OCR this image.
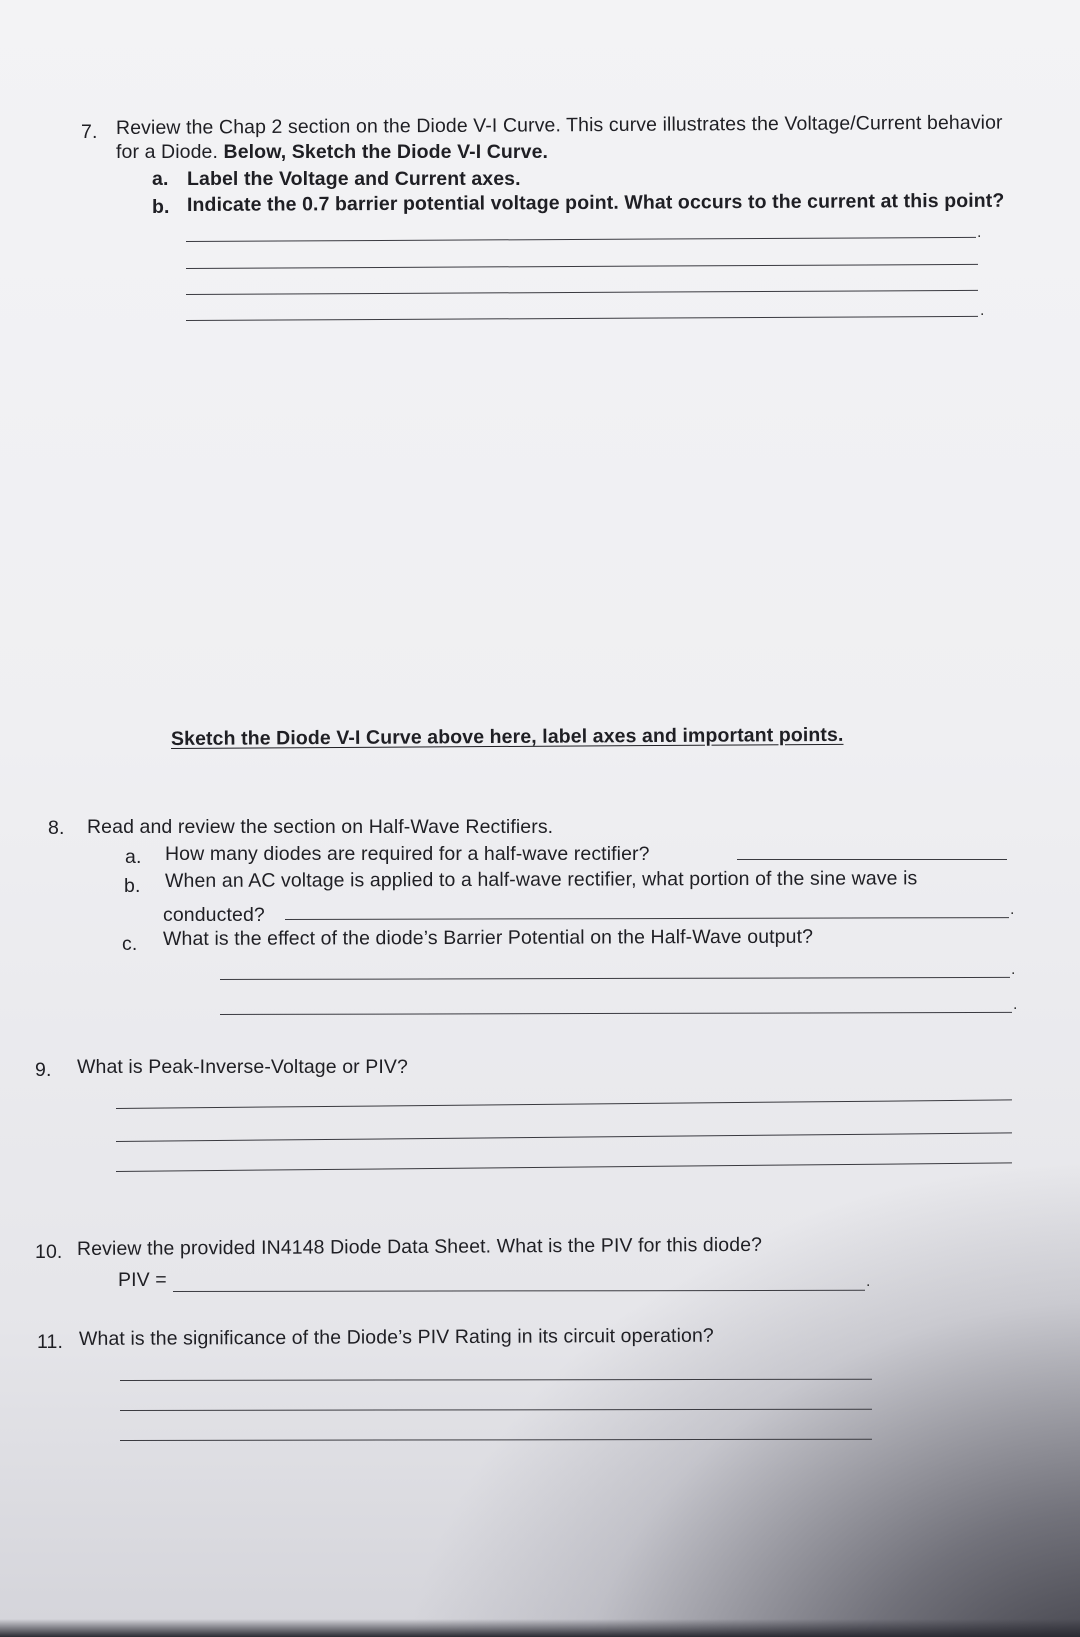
7. Review the Chap 2 section on the Diode V-I Curve. This curve illustrates the Voltage/Current behavior
for a Diode. Below, Sketch the Diode V-I Curve.
a. Label the Voltage and Current axes.
b. Indicate the 0.7 barrier potential voltage point. What occurs to the current at this point?
.
.
Sketch the Diode V-I Curve above here, label axes and important points.
8. Read and review the section on Half-Wave Rectifiers.
a. How many diodes are required for a half-wave rectifier?
b. When an AC voltage is applied to a half-wave rectifier, what portion of the sine wave is
conducted?	.
c. What is the effect of the diode’s Barrier Potential on the Half-Wave output?
.
.
9. What is Peak-Inverse-Voltage or PIV?
10. Review the provided IN4148 Diode Data Sheet. What is the PIV for this diode?
PIV =	.
11. What is the significance of the Diode’s PIV Rating in its circuit operation?
